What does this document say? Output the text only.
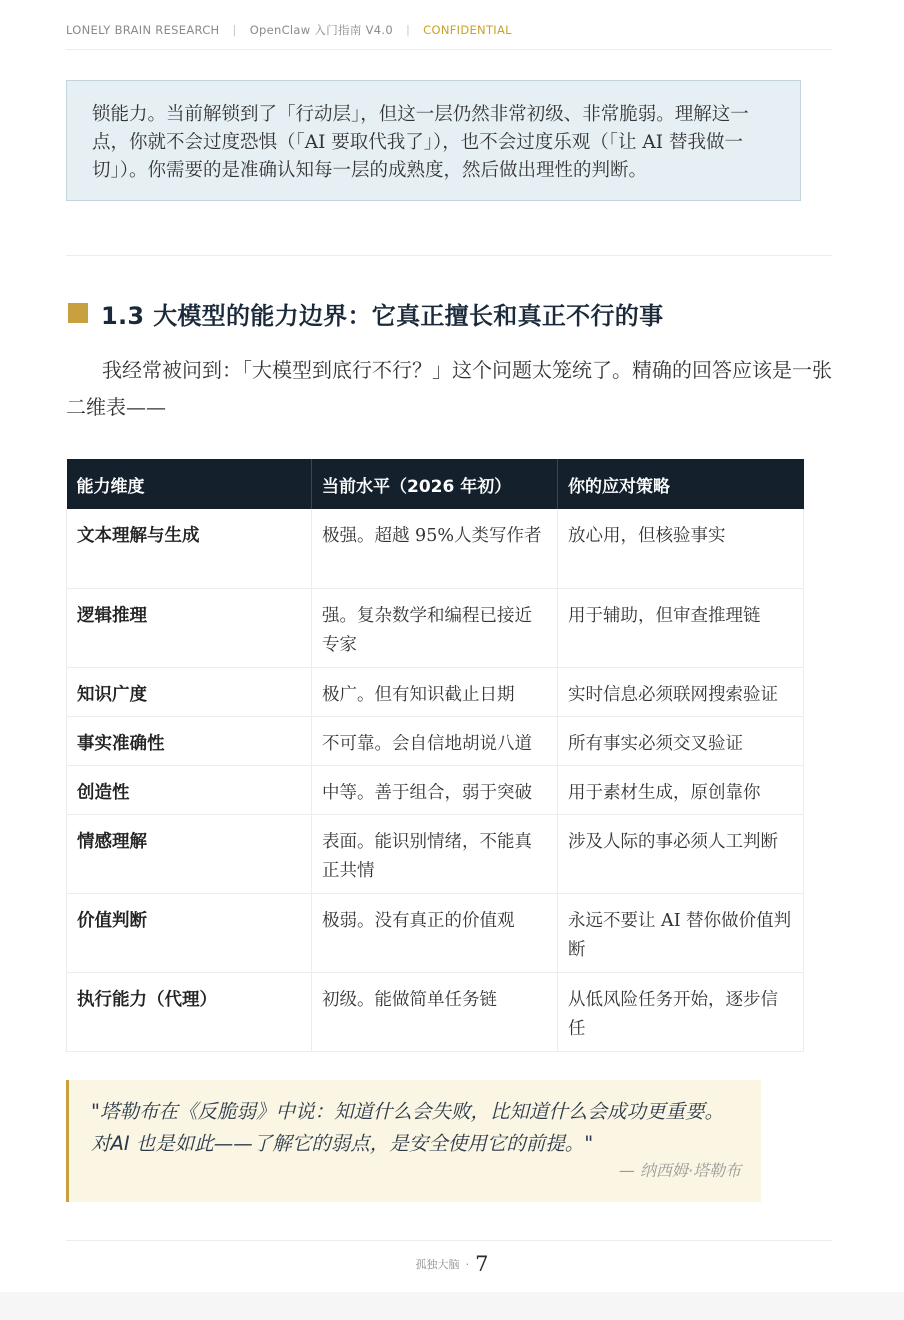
LONELY BRAIN RESEARCH | OpenClaw 入门指南 V4.0 | CONFIDENTIAL
锁能力。当前解锁到了「行动层」，但这一层仍然非常初级、非常脆弱。理解这一点，你就不会过度恐惧（「AI 要取代我了」），也不会过度乐观（「让 AI 替我做一切」）。你需要的是准确认知每一层的成熟度，然后做出理性的判断。
1.3 大模型的能力边界：它真正擅长和真正不行的事

我经常被问到：「大模型到底行不行？」这个问题太笼统了。精确的回答应该是一张二维表——

能力维度	当前水平（2026 年初）	你的应对策略
文本理解与生成	极强。超越 95%人类写作者	放心用，但核验事实
逻辑推理	强。复杂数学和编程已接近专家	用于辅助，但审查推理链
知识广度	极广。但有知识截止日期	实时信息必须联网搜索验证
事实准确性	不可靠。会自信地胡说八道	所有事实必须交叉验证
创造性	中等。善于组合，弱于突破	用于素材生成，原创靠你
情感理解	表面。能识别情绪，不能真正共情	涉及人际的事必须人工判断
价值判断	极弱。没有真正的价值观	永远不要让 AI 替你做价值判断
执行能力（代理）	初级。能做简单任务链	从低风险任务开始，逐步信任
"塔勒布在《反脆弱》中说：知道什么会失败，比知道什么会成功更重要。对AI 也是如此——了解它的弱点，是安全使用它的前提。"
— 纳西姆·塔勒布
孤独大脑 · 7
